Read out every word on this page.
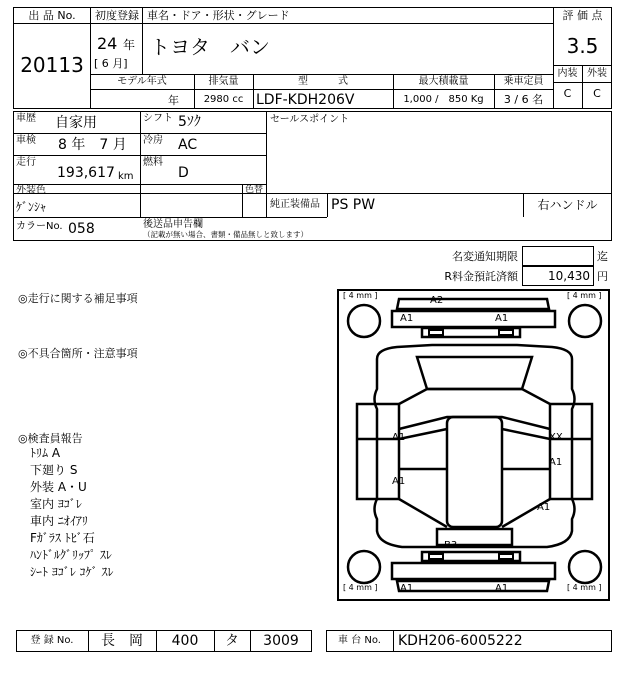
出 品 No.
20113
初度登録
24 年
[ 6 月]
車名・ドア・形状・グレード
トヨタ　バン
評 価 点
3.5
内装 外装
C	C
モデル年式	排気量	型　　　式	最大積載量	乗車定員
年	2980 cc LDF-KDH206V	1,000 /　850 Kg	3 / 6 名
車歴 自家用	シフト 5ｿｸ
車検 8 年　7 月 冷房 AC
走行
193,617 km
燃料
D
セールスポイント
外装色
ｹﾞﾝｼｬ
色替
純正装備品 PS PW	右ハンドル
カラーNo. 058	後送品申告欄
（記載が無い場合、書類・備品無しと致します）
名変通知期限	迄
R料金預託済額	10,430 円
◎走行に関する補足事項
◎不具合箇所・注意事項
◎検査員報告
ﾄﾘﾑ A
下廻り S
外装 A・U
室内 ﾖｺﾞﾚ
車内 ﾆｵｲｱﾘ
Fｶﾞﾗｽ ﾄﾋﾞ石
ﾊﾝﾄﾞﾙｸﾞﾘｯﾌﾟ ｽﾚ
ｼｰﾄ ﾖｺﾞﾚ ｺｹﾞ ｽﾚ
[ 4 mm ]	[ 4 mm ]
[ 4 mm ]	[ 4 mm ]
A2
A1	A1
A1
A1
XX
A1
A1
B3
A1	A1
登 録 No.	長　岡	400	タ	3009	車 台 No.	KDH206-6005222
